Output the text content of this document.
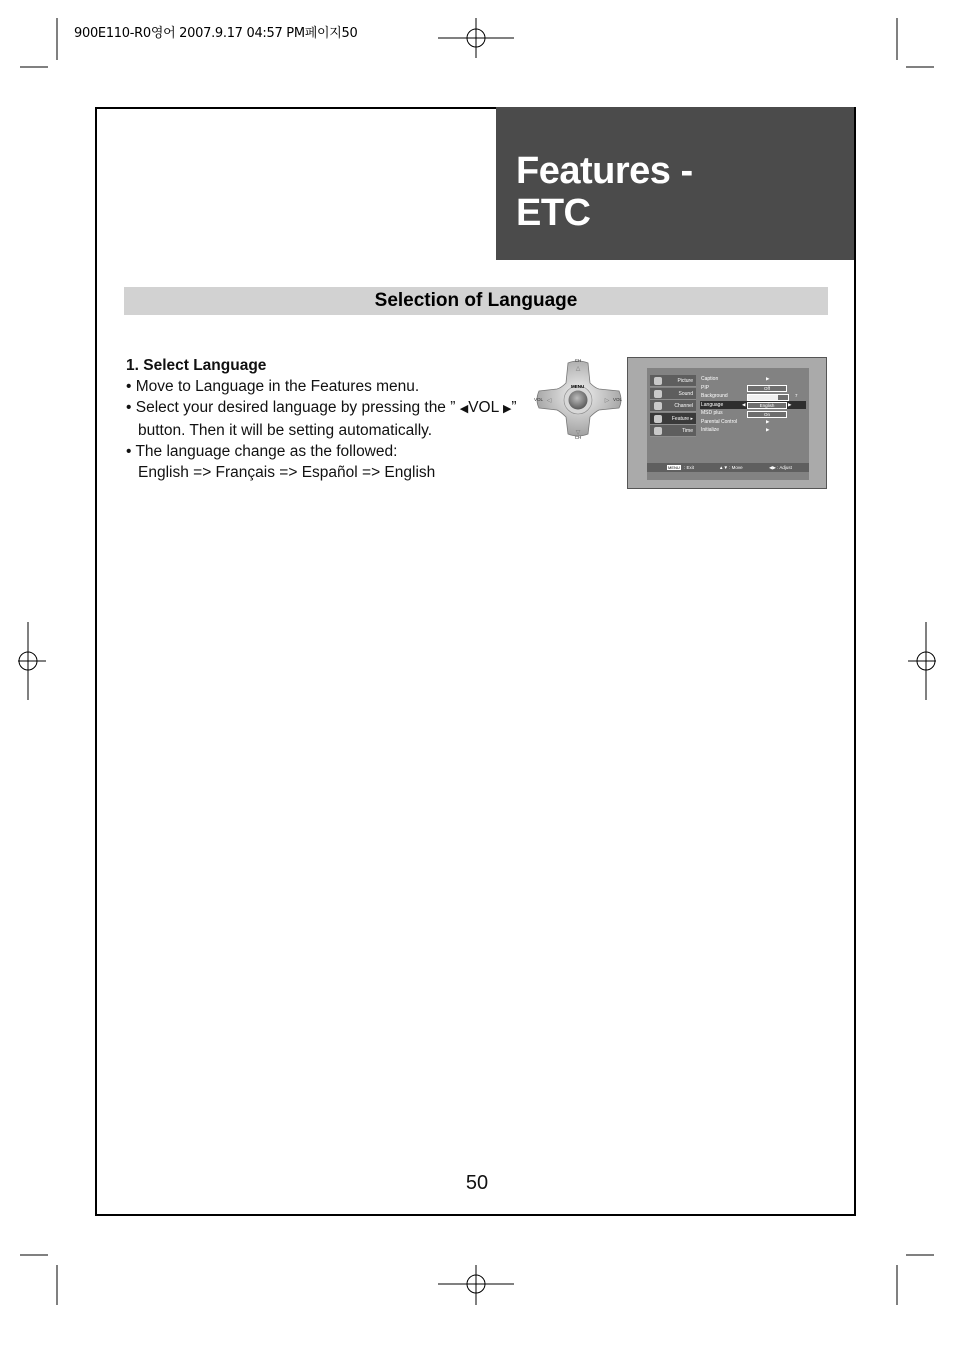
900E110-R0영어 2007.9.17 04:57 PM페이지50
Features -
ETC
Selection of Language
1. Select Language
• Move to Language in the Features menu.
• Select your desired language by pressing the ” ◀VOL ▶”
button. Then it will be setting automatically.
• The language change as the followed:
English => Français => Español => English
△
▽
◁	▷
CH
CH
VOL	VOL
MENU
Picture
Sound
Channel
Feature ▸
Time
Caption	▶
PIP	Off
Background	7
Language	◀	English	▶
MSD plus	On
Parental Control	▶
Initialize	▶
MENU : Exit	▲▼ : Move	◀▶ : Adjust
50
